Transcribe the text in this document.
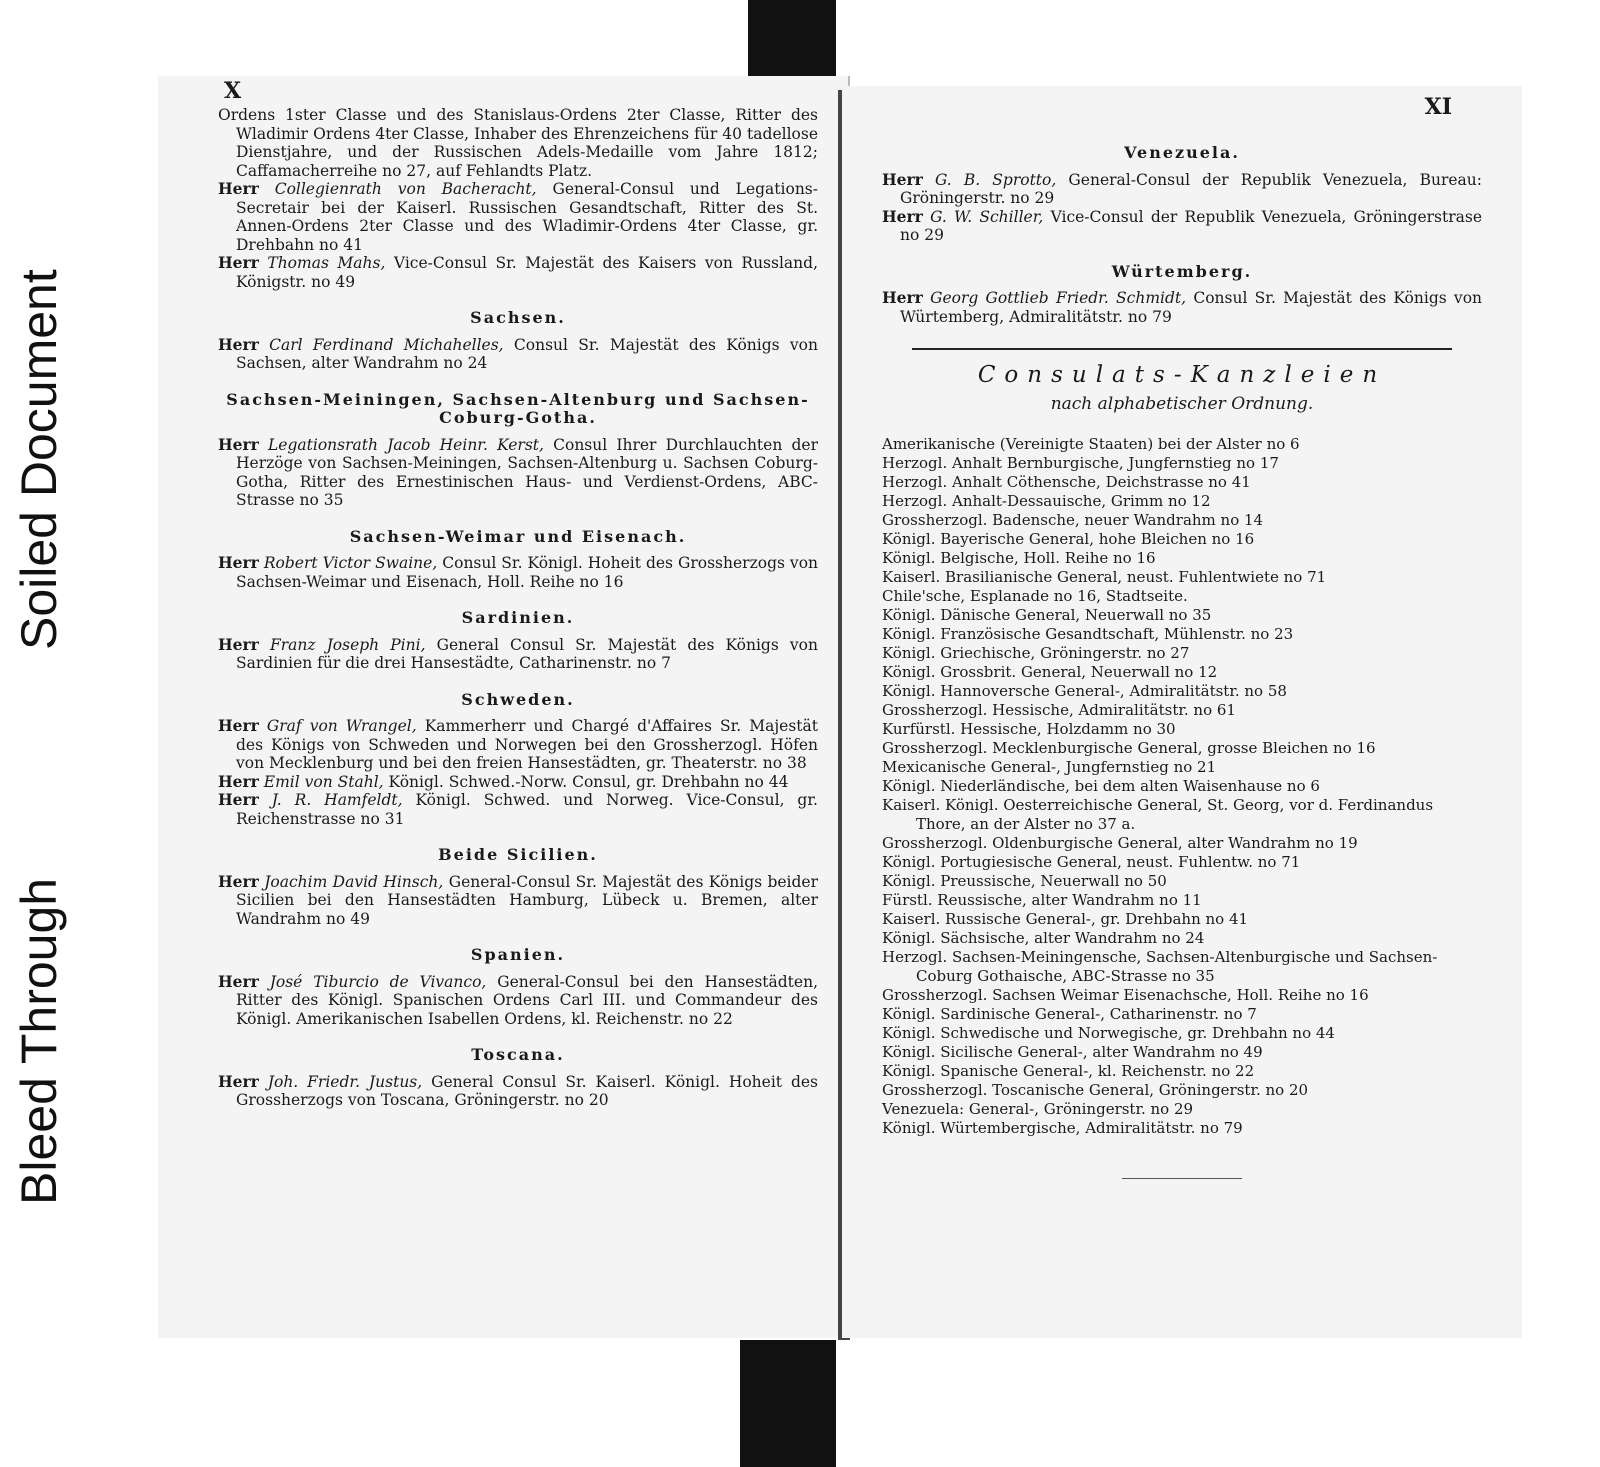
Bleed Through
Soiled Document
X
Ordens 1ster Classe und des Stanislaus-Ordens 2ter Classe, Ritter des Wladimir Ordens 4ter Classe, Inhaber des Ehrenzeichens für 40 tadellose Dienstjahre, und der Russischen Adels-Medaille vom Jahre 1812; Caffamacherreihe no 27, auf Fehlandts Platz.
Herr Collegienrath von Bacheracht, General-Consul und Legations-Secretair bei der Kaiserl. Russischen Gesandtschaft, Ritter des St. Annen-Ordens 2ter Classe und des Wladimir-Ordens 4ter Classe, gr. Drehbahn no 41
Herr Thomas Mahs, Vice-Consul Sr. Majestät des Kaisers von Russland, Königstr. no 49
Sachsen.
Herr Carl Ferdinand Michahelles, Consul Sr. Majestät des Königs von Sachsen, alter Wandrahm no 24
Sachsen-Meiningen, Sachsen-Altenburg und Sachsen-Coburg-Gotha.
Herr Legationsrath Jacob Heinr. Kerst, Consul Ihrer Durchlauchten der Herzöge von Sachsen-Meiningen, Sachsen-Altenburg u. Sachsen Coburg-Gotha, Ritter des Ernestinischen Haus- und Verdienst-Ordens, ABC-Strasse no 35
Sachsen-Weimar und Eisenach.
Herr Robert Victor Swaine, Consul Sr. Königl. Hoheit des Grossherzogs von Sachsen-Weimar und Eisenach, Holl. Reihe no 16
Sardinien.
Herr Franz Joseph Pini, General Consul Sr. Majestät des Königs von Sardinien für die drei Hansestädte, Catharinenstr. no 7
Schweden.
Herr Graf von Wrangel, Kammerherr und Chargé d'Affaires Sr. Majestät des Königs von Schweden und Norwegen bei den Grossherzogl. Höfen von Mecklenburg und bei den freien Hansestädten, gr. Theaterstr. no 38
Herr Emil von Stahl, Königl. Schwed.-Norw. Consul, gr. Drehbahn no 44
Herr J. R. Hamfeldt, Königl. Schwed. und Norweg. Vice-Consul, gr. Reichenstrasse no 31
Beide Sicilien.
Herr Joachim David Hinsch, General-Consul Sr. Majestät des Königs beider Sicilien bei den Hansestädten Hamburg, Lübeck u. Bremen, alter Wandrahm no 49
Spanien.
Herr José Tiburcio de Vivanco, General-Consul bei den Hansestädten, Ritter des Königl. Spanischen Ordens Carl III. und Commandeur des Königl. Amerikanischen Isabellen Ordens, kl. Reichenstr. no 22
Toscana.
Herr Joh. Friedr. Justus, General Consul Sr. Kaiserl. Königl. Hoheit des Grossherzogs von Toscana, Gröningerstr. no 20
XI
Venezuela.
Herr G. B. Sprotto, General-Consul der Republik Venezuela, Bureau: Gröningerstr. no 29
Herr G. W. Schiller, Vice-Consul der Republik Venezuela, Gröningerstrase no 29
Würtemberg.
Herr Georg Gottlieb Friedr. Schmidt, Consul Sr. Majestät des Königs von Würtemberg, Admiralitätstr. no 79
Consulats-Kanzleien
nach alphabetischer Ordnung.
Amerikanische (Vereinigte Staaten) bei der Alster no 6
Herzogl. Anhalt Bernburgische, Jungfernstieg no 17
Herzogl. Anhalt Cöthensche, Deichstrasse no 41
Herzogl. Anhalt-Dessauische, Grimm no 12
Grossherzogl. Badensche, neuer Wandrahm no 14
Königl. Bayerische General, hohe Bleichen no 16
Königl. Belgische, Holl. Reihe no 16
Kaiserl. Brasilianische General, neust. Fuhlentwiete no 71
Chile'sche, Esplanade no 16, Stadtseite.
Königl. Dänische General, Neuerwall no 35
Königl. Französische Gesandtschaft, Mühlenstr. no 23
Königl. Griechische, Gröningerstr. no 27
Königl. Grossbrit. General, Neuerwall no 12
Königl. Hannoversche General-, Admiralitätstr. no 58
Grossherzogl. Hessische, Admiralitätstr. no 61
Kurfürstl. Hessische, Holzdamm no 30
Grossherzogl. Mecklenburgische General, grosse Bleichen no 16
Mexicanische General-, Jungfernstieg no 21
Königl. Niederländische, bei dem alten Waisenhause no 6
Kaiserl. Königl. Oesterreichische General, St. Georg, vor d. Ferdinandus Thore, an der Alster no 37 a.
Grossherzogl. Oldenburgische General, alter Wandrahm no 19
Königl. Portugiesische General, neust. Fuhlentw. no 71
Königl. Preussische, Neuerwall no 50
Fürstl. Reussische, alter Wandrahm no 11
Kaiserl. Russische General-, gr. Drehbahn no 41
Königl. Sächsische, alter Wandrahm no 24
Herzogl. Sachsen-Meiningensche, Sachsen-Altenburgische und Sachsen-Coburg Gothaische, ABC-Strasse no 35
Grossherzogl. Sachsen Weimar Eisenachsche, Holl. Reihe no 16
Königl. Sardinische General-, Catharinenstr. no 7
Königl. Schwedische und Norwegische, gr. Drehbahn no 44
Königl. Sicilische General-, alter Wandrahm no 49
Königl. Spanische General-, kl. Reichenstr. no 22
Grossherzogl. Toscanische General, Gröningerstr. no 20
Venezuela: General-, Gröningerstr. no 29
Königl. Würtembergische, Admiralitätstr. no 79
